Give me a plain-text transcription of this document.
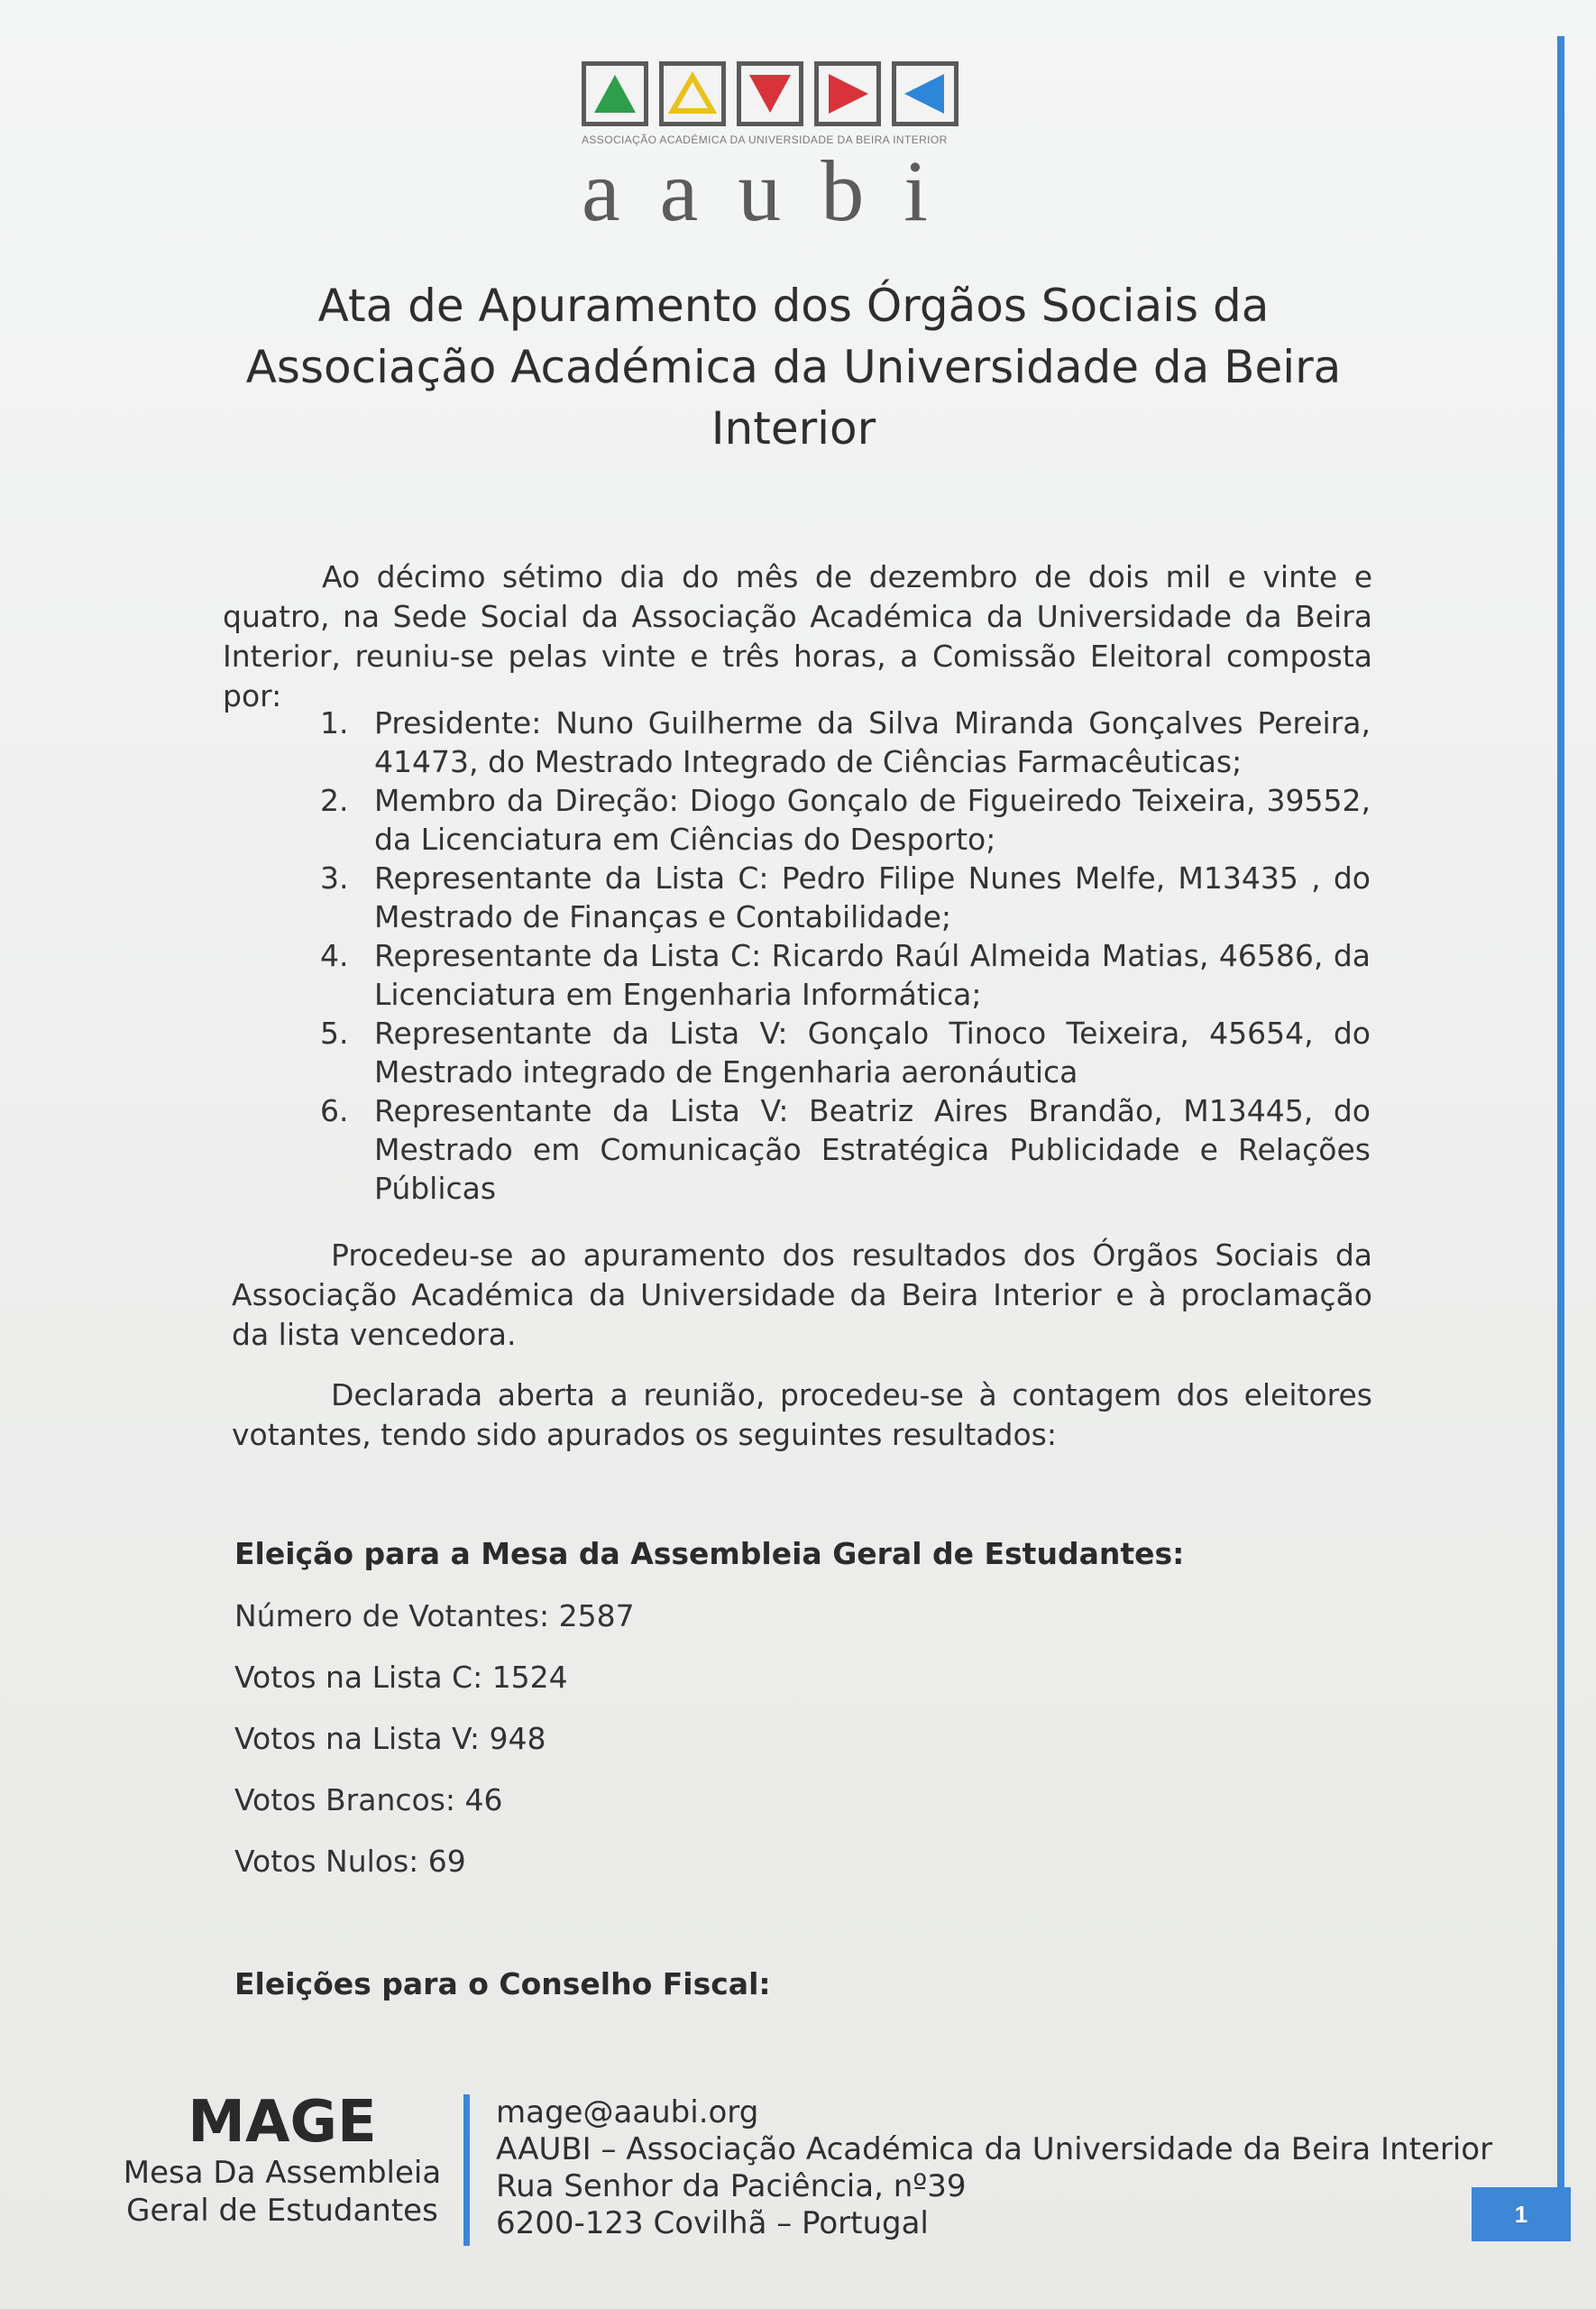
ASSOCIAÇÃO ACADÉMICA DA UNIVERSIDADE DA BEIRA INTERIOR
aaubi
Ata de Apuramento dos Órgãos Sociais da Associação Académica da Universidade da Beira Interior
Ao décimo sétimo dia do mês de dezembro de dois mil e vinte e quatro, na Sede Social da Associação Académica da Universidade da Beira Interior, reuniu-se pelas vinte e três horas, a Comissão Eleitoral composta por:
1. Presidente: Nuno Guilherme da Silva Miranda Gonçalves Pereira, 41473, do Mestrado Integrado de Ciências Farmacêuticas;
2. Membro da Direção: Diogo Gonçalo de Figueiredo Teixeira, 39552, da Licenciatura em Ciências do Desporto;
3. Representante da Lista C: Pedro Filipe Nunes Melfe, M13435 , do Mestrado de Finanças e Contabilidade;
4. Representante da Lista C: Ricardo Raúl Almeida Matias, 46586, da Licenciatura em Engenharia Informática;
5. Representante da Lista V: Gonçalo Tinoco Teixeira, 45654, do Mestrado integrado de Engenharia aeronáutica
6. Representante da Lista V: Beatriz Aires Brandão, M13445, do Mestrado em Comunicação Estratégica Publicidade e Relações Públicas
Procedeu-se ao apuramento dos resultados dos Órgãos Sociais da Associação Académica da Universidade da Beira Interior e à proclamação da lista vencedora.
Declarada aberta a reunião, procedeu-se à contagem dos eleitores votantes, tendo sido apurados os seguintes resultados:
Eleição para a Mesa da Assembleia Geral de Estudantes:
Número de Votantes: 2587
Votos na Lista C: 1524
Votos na Lista V: 948
Votos Brancos: 46
Votos Nulos: 69
Eleições para o Conselho Fiscal:
MAGE
Mesa Da Assembleia
Geral de Estudantes
mage@aaubi.org
AAUBI – Associação Académica da Universidade da Beira Interior
Rua Senhor da Paciência, nº39
6200-123 Covilhã – Portugal	1
